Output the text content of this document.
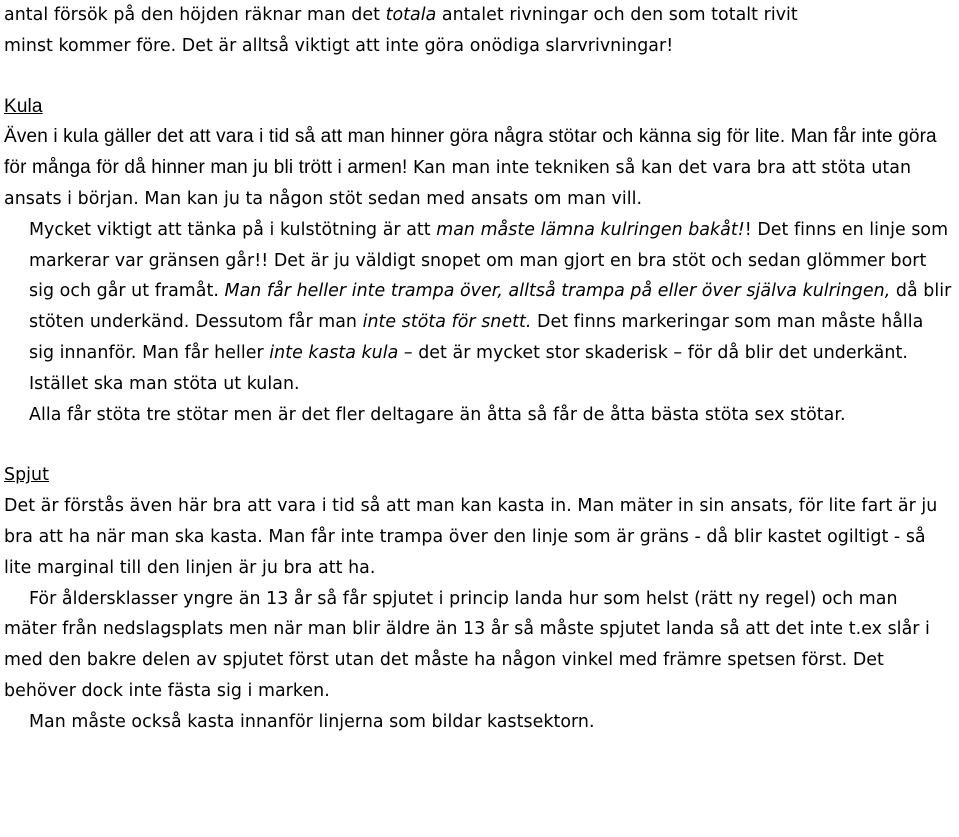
antal försök på den höjden räknar man det totala antalet rivningar och den som totalt rivit
minst kommer före. Det är alltså viktigt att inte göra onödiga slarvrivningar!

Kula

Även i kula gäller det att vara i tid så att man hinner göra några stötar och känna sig för lite. Man får inte göra för många för då hinner man ju bli trött i armen! Kan man inte tekniken så kan det vara bra att stöta utan ansats i början. Man kan ju ta någon stöt sedan med ansats om man vill.

Mycket viktigt att tänka på i kulstötning är att man måste lämna kulringen bakåt!! Det finns en linje som markerar var gränsen går!! Det är ju väldigt snopet om man gjort en bra stöt och sedan glömmer bort sig och går ut framåt. Man får heller inte trampa över, alltså trampa på eller över själva kulringen, då blir stöten underkänd. Dessutom får man inte stöta för snett. Det finns markeringar som man måste hålla sig innanför. Man får heller inte kasta kula – det är mycket stor skaderisk – för då blir det underkänt. Istället ska man stöta ut kulan.

Alla får stöta tre stötar men är det fler deltagare än åtta så får de åtta bästa stöta sex stötar.

Spjut

Det är förstås även här bra att vara i tid så att man kan kasta in. Man mäter in sin ansats, för lite fart är ju bra att ha när man ska kasta. Man får inte trampa över den linje som är gräns - då blir kastet ogiltigt - så lite marginal till den linjen är ju bra att ha.

För åldersklasser yngre än 13 år så får spjutet i princip landa hur som helst (rätt ny regel) och man mäter från nedslagsplats men när man blir äldre än 13 år så måste spjutet landa så att det inte t.ex slår i med den bakre delen av spjutet först utan det måste ha någon vinkel med främre spetsen först. Det behöver dock inte fästa sig i marken.

Man måste också kasta innanför linjerna som bildar kastsektorn.
